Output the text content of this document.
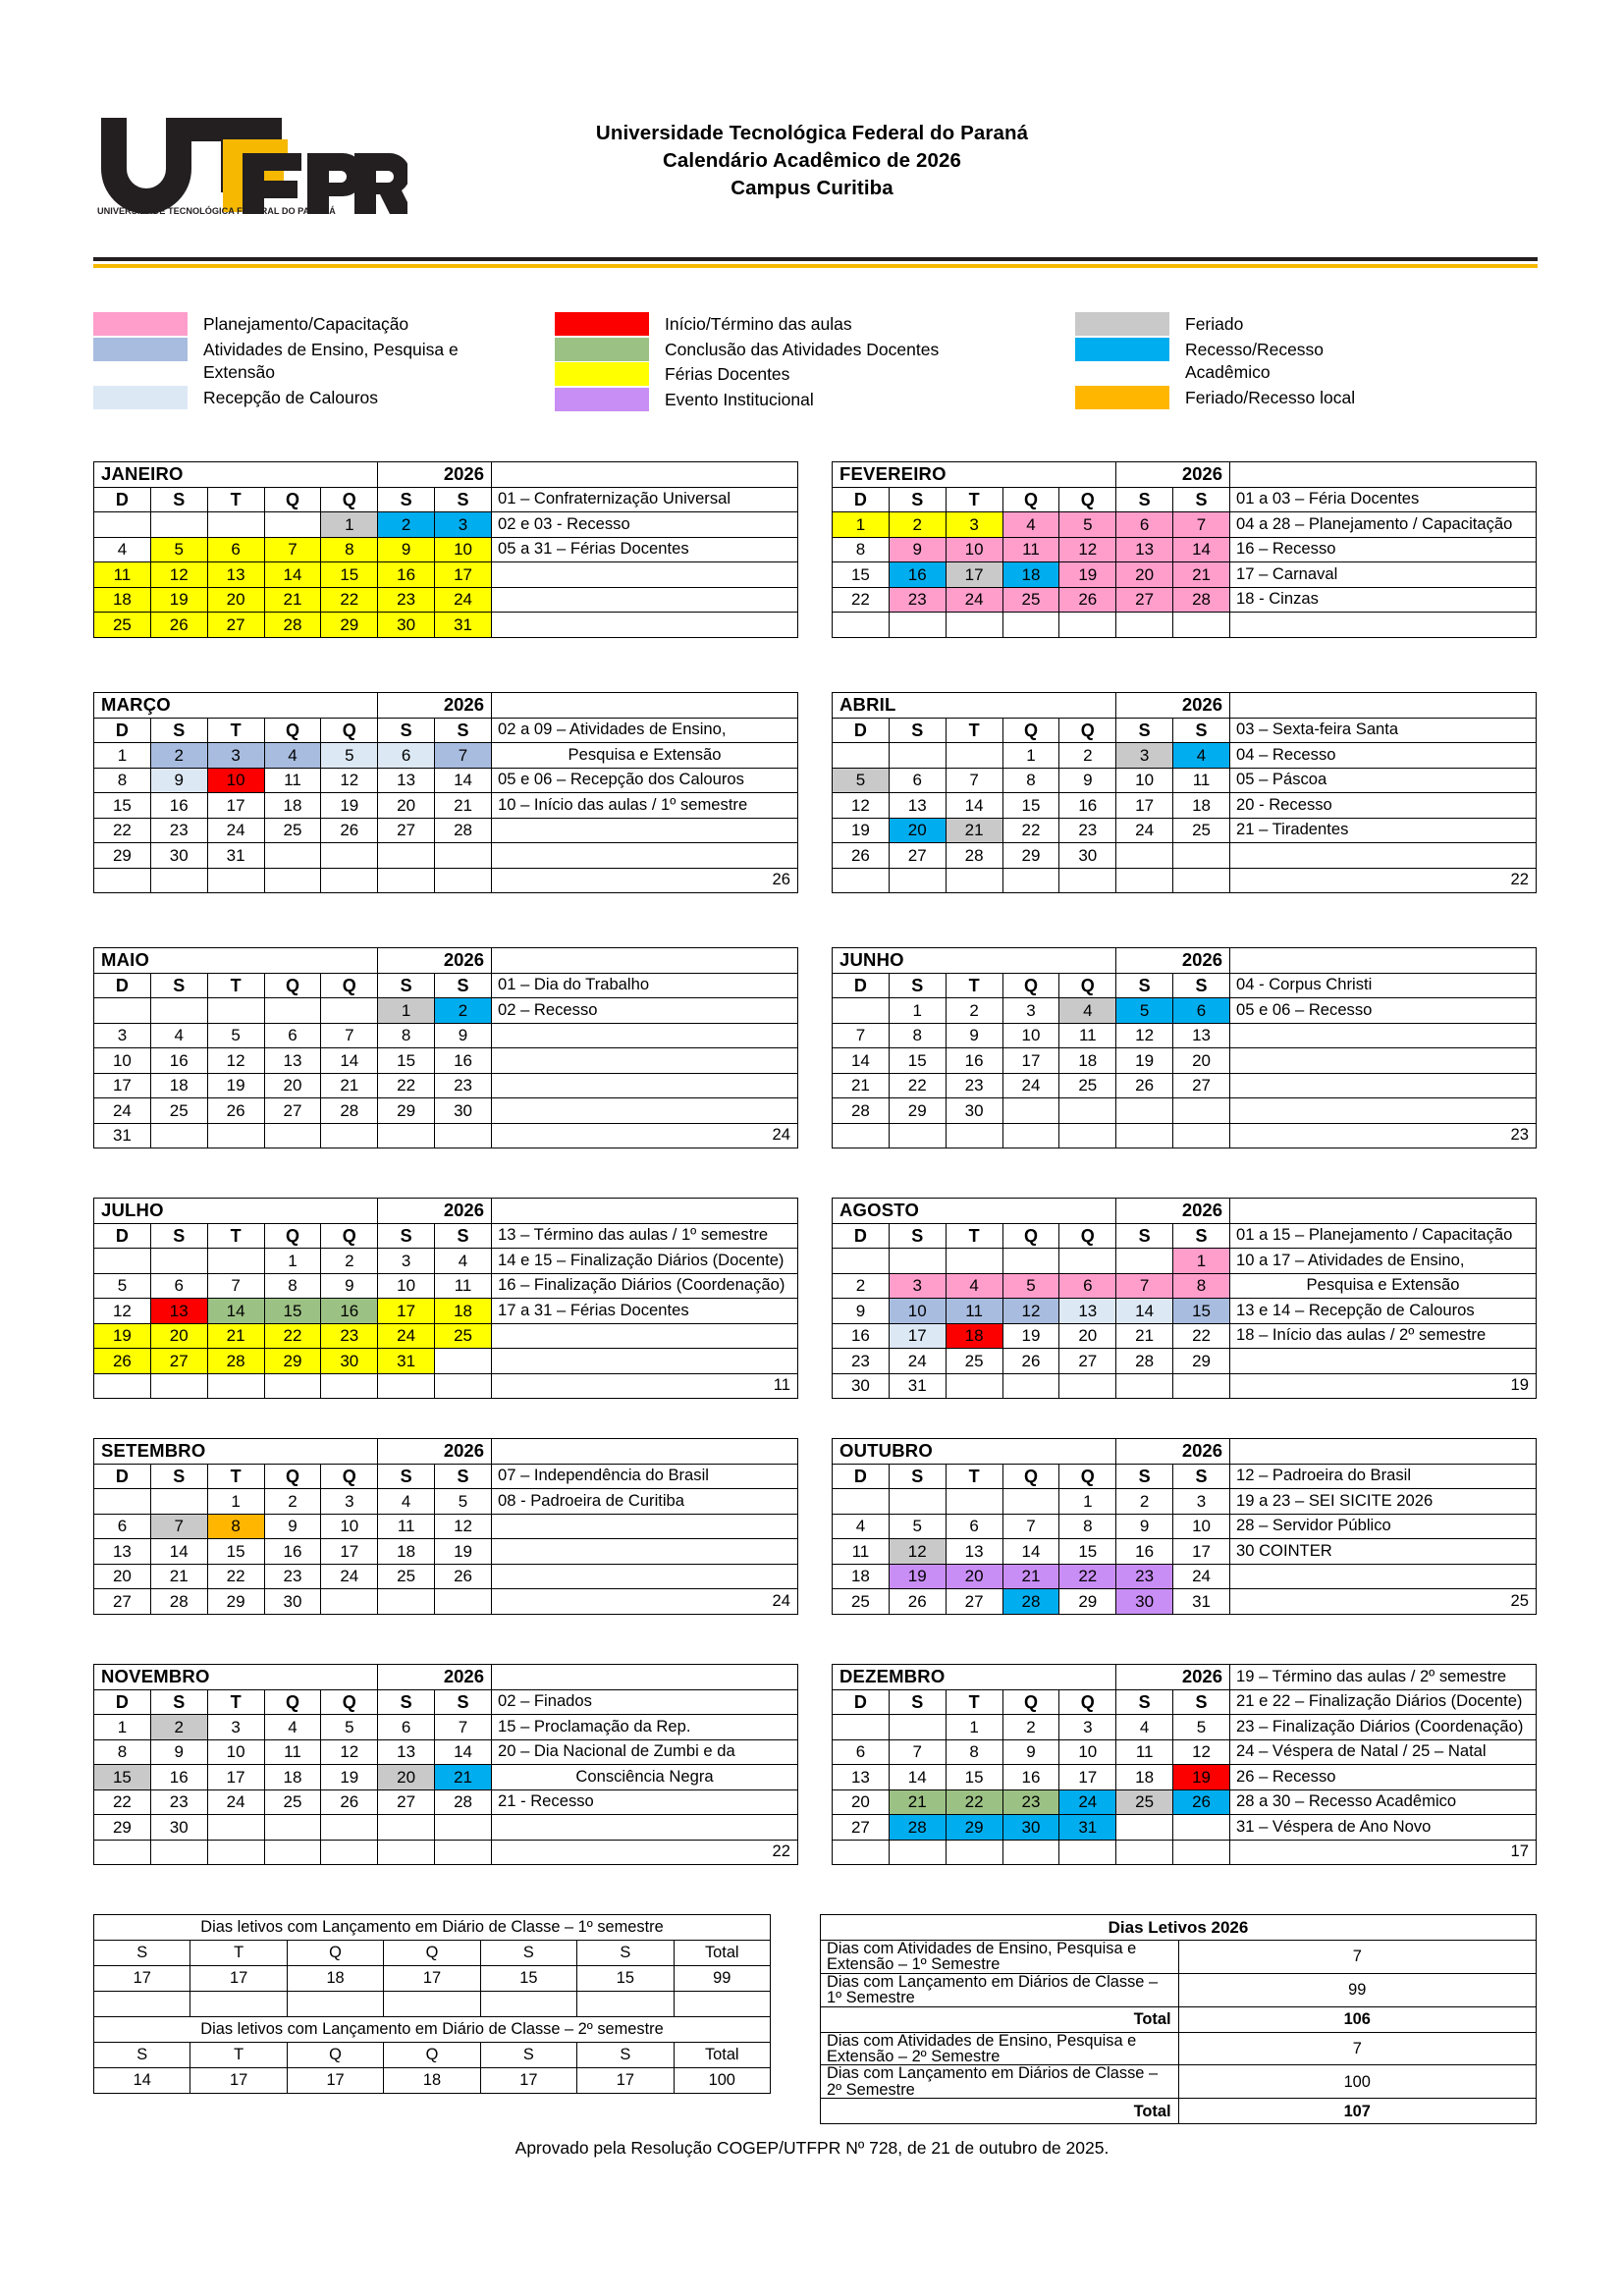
UNIVERSIDADE TECNOLÓGICA FEDERAL DO PARANÁ
Universidade Tecnológica Federal do Paraná
Calendário Acadêmico de 2026
Campus Curitiba
Planejamento/Capacitação
Atividades de Ensino, Pesquisa e
Extensão
Recepção de Calouros
Início/Término das aulas
Conclusão das Atividades Docentes
Férias Docentes
Evento Institucional
Feriado
Recesso/Recesso
Acadêmico
Feriado/Recesso local
JANEIRO					2026		
D	S	T	Q	Q	S	S	01 – Confraternização Universal
				1	2	3	02 e 03 - Recesso
4	5	6	7	8	9	10	05 a 31 – Férias Docentes
11	12	13	14	15	16	17	
18	19	20	21	22	23	24	
25	26	27	28	29	30	31	
FEVEREIRO					2026		
D	S	T	Q	Q	S	S	01 a 03 – Féria Docentes
1	2	3	4	5	6	7	04 a 28 – Planejamento / Capacitação
8	9	10	11	12	13	14	16 – Recesso
15	16	17	18	19	20	21	17 – Carnaval
22	23	24	25	26	27	28	18 - Cinzas

MARÇO					2026		
D	S	T	Q	Q	S	S	02 a 09 – Atividades de Ensino,
1	2	3	4	5	6	7	Pesquisa e Extensão
8	9	10	11	12	13	14	05 e 06 – Recepção dos Calouros
15	16	17	18	19	20	21	10 – Início das aulas / 1º semestre
22	23	24	25	26	27	28	
29	30	31					
							26
ABRIL					2026		
D	S	T	Q	Q	S	S	03 – Sexta-feira Santa
			1	2	3	4	04 – Recesso
5	6	7	8	9	10	11	05 – Páscoa
12	13	14	15	16	17	18	20 - Recesso
19	20	21	22	23	24	25	21 – Tiradentes
26	27	28	29	30			
							22
MAIO					2026		
D	S	T	Q	Q	S	S	01 – Dia do Trabalho
					1	2	02 – Recesso
3	4	5	6	7	8	9	
10	16	12	13	14	15	16	
17	18	19	20	21	22	23	
24	25	26	27	28	29	30	
31							24
JUNHO					2026		
D	S	T	Q	Q	S	S	04 - Corpus Christi
	1	2	3	4	5	6	05 e 06 – Recesso
7	8	9	10	11	12	13	
14	15	16	17	18	19	20	
21	22	23	24	25	26	27	
28	29	30					
							23
JULHO					2026		
D	S	T	Q	Q	S	S	13 – Término das aulas / 1º semestre
			1	2	3	4	14 e 15 – Finalização Diários (Docente)
5	6	7	8	9	10	11	16 – Finalização Diários (Coordenação)
12	13	14	15	16	17	18	17 a 31 – Férias Docentes
19	20	21	22	23	24	25	
26	27	28	29	30	31		
							11
AGOSTO					2026		
D	S	T	Q	Q	S	S	01 a 15 – Planejamento / Capacitação
						1	10 a 17 – Atividades de Ensino,
2	3	4	5	6	7	8	Pesquisa e Extensão
9	10	11	12	13	14	15	13 e 14 – Recepção de Calouros
16	17	18	19	20	21	22	18 – Início das aulas / 2º semestre
23	24	25	26	27	28	29	
30	31						19
SETEMBRO					2026		
D	S	T	Q	Q	S	S	07 – Independência do Brasil
		1	2	3	4	5	08 - Padroeira de Curitiba
6	7	8	9	10	11	12	
13	14	15	16	17	18	19	
20	21	22	23	24	25	26	
27	28	29	30				24
OUTUBRO					2026		
D	S	T	Q	Q	S	S	12 – Padroeira do Brasil
				1	2	3	19 a 23 – SEI SICITE 2026
4	5	6	7	8	9	10	28 – Servidor Público
11	12	13	14	15	16	17	30 COINTER
18	19	20	21	22	23	24	
25	26	27	28	29	30	31	25
NOVEMBRO					2026		
D	S	T	Q	Q	S	S	02 – Finados
1	2	3	4	5	6	7	15 – Proclamação da Rep.
8	9	10	11	12	13	14	20 – Dia Nacional de Zumbi e da
15	16	17	18	19	20	21	Consciência Negra
22	23	24	25	26	27	28	21 - Recesso
29	30						
							22
DEZEMBRO					2026		19 – Término das aulas / 2º semestre
D	S	T	Q	Q	S	S	21 e 22 – Finalização Diários (Docente)
		1	2	3	4	5	23 – Finalização Diários (Coordenação)
6	7	8	9	10	11	12	24 – Véspera de Natal / 25 – Natal
13	14	15	16	17	18	19	26 – Recesso
20	21	22	23	24	25	26	28 a 30 – Recesso Acadêmico
27	28	29	30	31			31 – Véspera de Ano Novo
							17
Dias letivos com Lançamento em Diário de Classe – 1º semestre						
S	T	Q	Q	S	S	Total
17	17	18	17	15	15	99

Dias letivos com Lançamento em Diário de Classe – 2º semestre						
S	T	Q	Q	S	S	Total
14	17	17	18	17	17	100
Dias Letivos 2026	
Dias com Atividades de Ensino, Pesquisa e Extensão – 1º Semestre	7
Dias com Lançamento em Diários de Classe – 1º Semestre	99
Total	106
Dias com Atividades de Ensino, Pesquisa e Extensão – 2º Semestre	7
Dias com Lançamento em Diários de Classe – 2º Semestre	100
Total	107
Aprovado pela Resolução COGEP/UTFPR Nº 728, de 21 de outubro de 2025.
